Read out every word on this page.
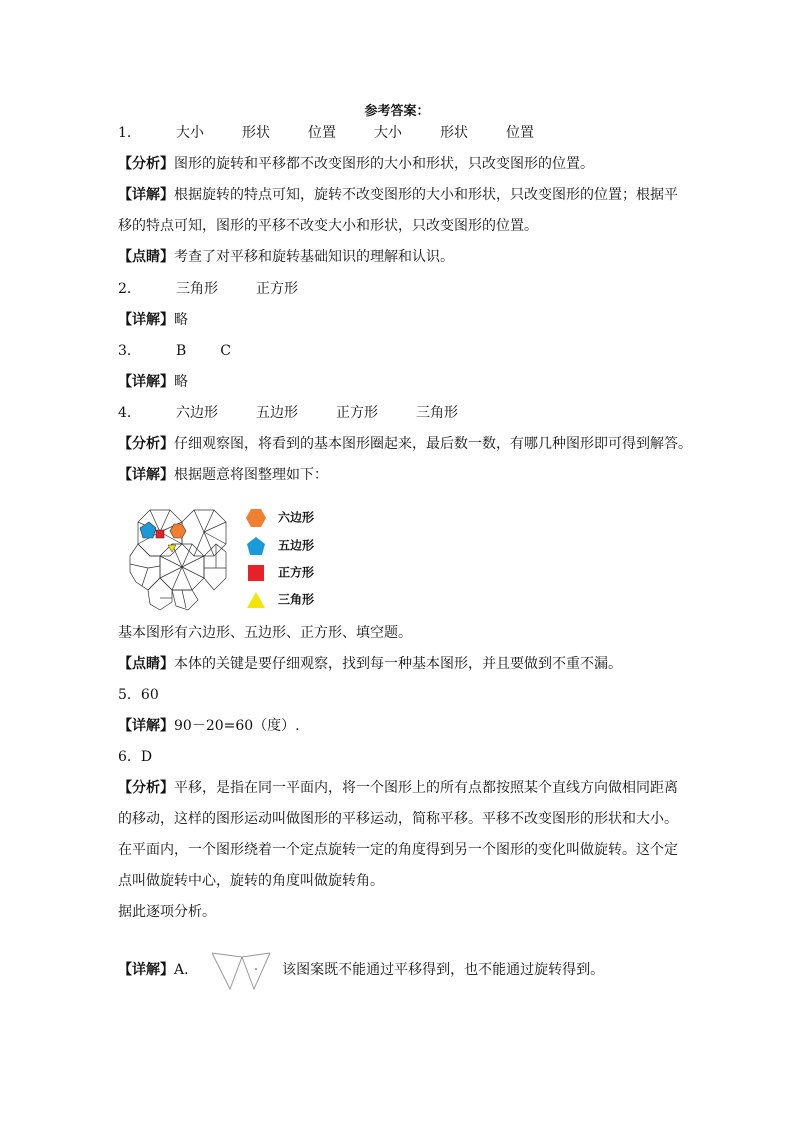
参考答案：
1．	大小	形状	位置	大小	形状	位置
【分析】图形的旋转和平移都不改变图形的大小和形状，只改变图形的位置。
【详解】根据旋转的特点可知，旋转不改变图形的大小和形状，只改变图形的位置；根据平
移的特点可知，图形的平移不改变大小和形状，只改变图形的位置。
【点睛】考查了对平移和旋转基础知识的理解和认识。
2．	三角形	正方形
【详解】略
3．	B C
【详解】略
4．	六边形	五边形	正方形	三角形
【分析】仔细观察图，将看到的基本图形圈起来，最后数一数，有哪几种图形即可得到解答。
【详解】根据题意将图整理如下：
六边形
五边形
正方形
三角形
基本图形有六边形、五边形、正方形、填空题。
【点睛】本体的关键是要仔细观察，找到每一种基本图形，并且要做到不重不漏。
5．60
【详解】90－20=60（度）.
6．D
【分析】平移，是指在同一平面内，将一个图形上的所有点都按照某个直线方向做相同距离
的移动，这样的图形运动叫做图形的平移运动，简称平移。平移不改变图形的形状和大小。
在平面内，一个图形绕着一个定点旋转一定的角度得到另一个图形的变化叫做旋转。这个定
点叫做旋转中心，旋转的角度叫做旋转角。
据此逐项分析。
【详解】A．	该图案既不能通过平移得到，也不能通过旋转得到。
